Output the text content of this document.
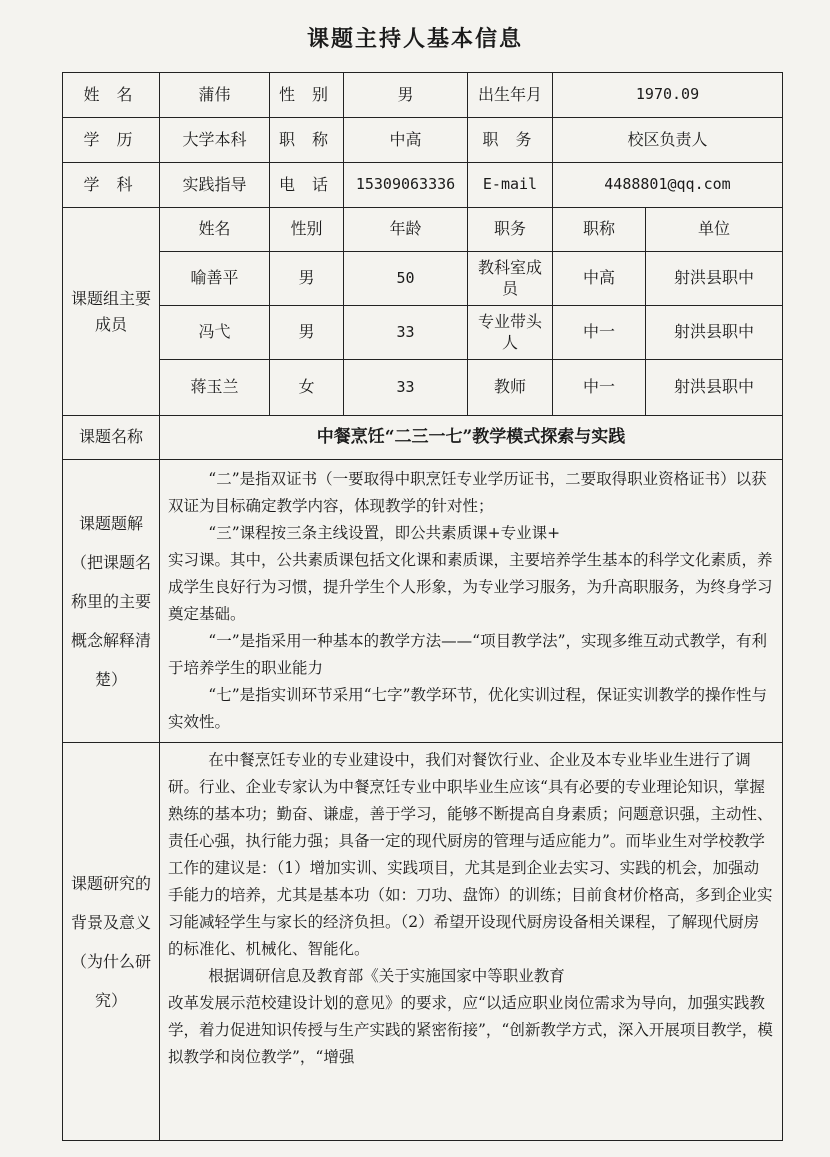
课题主持人基本信息
姓 名	蒲伟	性 别	男	出生年月	1970.09	
学 历	大学本科	职 称	中高	职 务	校区负责人	
学 科	实践指导	电 话	15309063336	E-mail	4488801@qq.com	
课题组主要成员	姓名	性别	年龄	职务	职称	单位
	喻善平	男	50	教科室成员	中高	射洪县职中
	冯弋	男	33	专业带头人	中一	射洪县职中
	蒋玉兰	女	33	教师	中一	射洪县职中
课题名称	中餐烹饪“二三一七”教学模式探索与实践					
课题题解（把课题名称里的主要概念解释清楚）	“二”是指双证书（一要取得中职烹饪专业学历证书，二要取得职业资格证书）以获双证为目标确定教学内容，体现教学的针对性；

“三”课程按三条主线设置，即公共素质课+专业课+

实习课。其中，公共素质课包括文化课和素质课，主要培养学生基本的科学文化素质，养成学生良好行为习惯，提升学生个人形象，为专业学习服务，为升高职服务，为终身学习奠定基础。

“一”是指采用一种基本的教学方法——“项目教学法”，实现多维互动式教学，有利于培养学生的职业能力

“七”是指实训环节采用“七字”教学环节，优化实训过程，保证实训教学的操作性与实效性。					

课题研究的背景及意义（为什么研究）	在中餐烹饪专业的专业建设中，我们对餐饮行业、企业及本专业毕业生进行了调研。行业、企业专家认为中餐烹饪专业中职毕业生应该“具有必要的专业理论知识，掌握熟练的基本功；勤奋、谦虚，善于学习，能够不断提高自身素质；问题意识强，主动性、责任心强，执行能力强；具备一定的现代厨房的管理与适应能力”。而毕业生对学校教学工作的建议是：（1）增加实训、实践项目，尤其是到企业去实习、实践的机会，加强动手能力的培养，尤其是基本功（如：刀功、盘饰）的训练；目前食材价格高，多到企业实习能减轻学生与家长的经济负担。（2）希望开设现代厨房设备相关课程，了解现代厨房的标准化、机械化、智能化。

根据调研信息及教育部《关于实施国家中等职业教育

改革发展示范校建设计划的意见》的要求，应“以适应职业岗位需求为导向，加强实践教学，着力促进知识传授与生产实践的紧密衔接”，“创新教学方式，深入开展项目教学，模拟教学和岗位教学”，“增强					
